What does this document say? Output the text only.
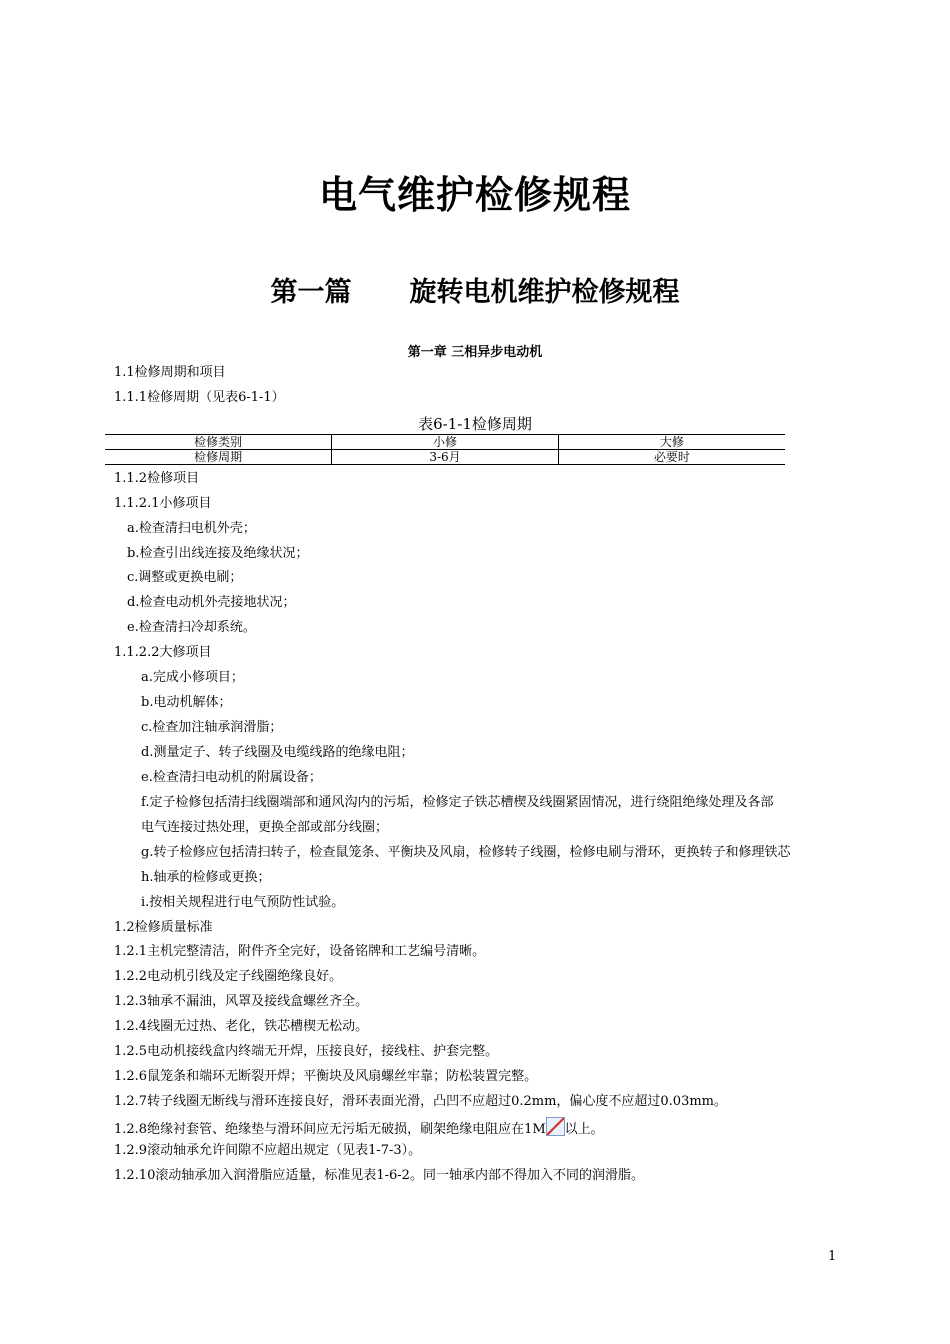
电气维护检修规程
第一篇 旋转电机维护检修规程
第一章 三相异步电动机
1.1检修周期和项目
1.1.1检修周期（见表6-1-1）
表6-1-1检修周期
检修类别	小修	大修
检修周期	3-6月	必要时
1.1.2检修项目
1.1.2.1小修项目
a.检查清扫电机外壳；
b.检查引出线连接及绝缘状况；
c.调整或更换电刷；
d.检查电动机外壳接地状况；
e.检查清扫冷却系统。
1.1.2.2大修项目
a.完成小修项目；
b.电动机解体；
c.检查加注轴承润滑脂；
d.测量定子、转子线圈及电缆线路的绝缘电阻；
e.检查清扫电动机的附属设备；
f.定子检修包括清扫线圈端部和通风沟内的污垢，检修定子铁芯槽楔及线圈紧固情况，进行绕阻绝缘处理及各部
电气连接过热处理，更换全部或部分线圈；
g.转子检修应包括清扫转子，检查鼠笼条、平衡块及风扇，检修转子线圈，检修电刷与滑环，更换转子和修理铁芯
h.轴承的检修或更换；
i.按相关规程进行电气预防性试验。
1.2检修质量标准
1.2.1主机完整清洁，附件齐全完好，设备铭牌和工艺编号清晰。
1.2.2电动机引线及定子线圈绝缘良好。
1.2.3轴承不漏油，风罩及接线盒螺丝齐全。
1.2.4线圈无过热、老化，铁芯槽楔无松动。
1.2.5电动机接线盒内终端无开焊，压接良好，接线柱、护套完整。
1.2.6鼠笼条和端环无断裂开焊；平衡块及风扇螺丝牢靠；防松装置完整。
1.2.7转子线圈无断线与滑环连接良好，滑环表面光滑，凸凹不应超过0.2mm，偏心度不应超过0.03mm。
1.2.8绝缘衬套管、绝缘垫与滑环间应无污垢无破损，刷架绝缘电阻应在1M 以上。
1.2.9滚动轴承允许间隙不应超出规定（见表1-7-3）。
1.2.10滚动轴承加入润滑脂应适量，标准见表1-6-2。同一轴承内部不得加入不同的润滑脂。
1
